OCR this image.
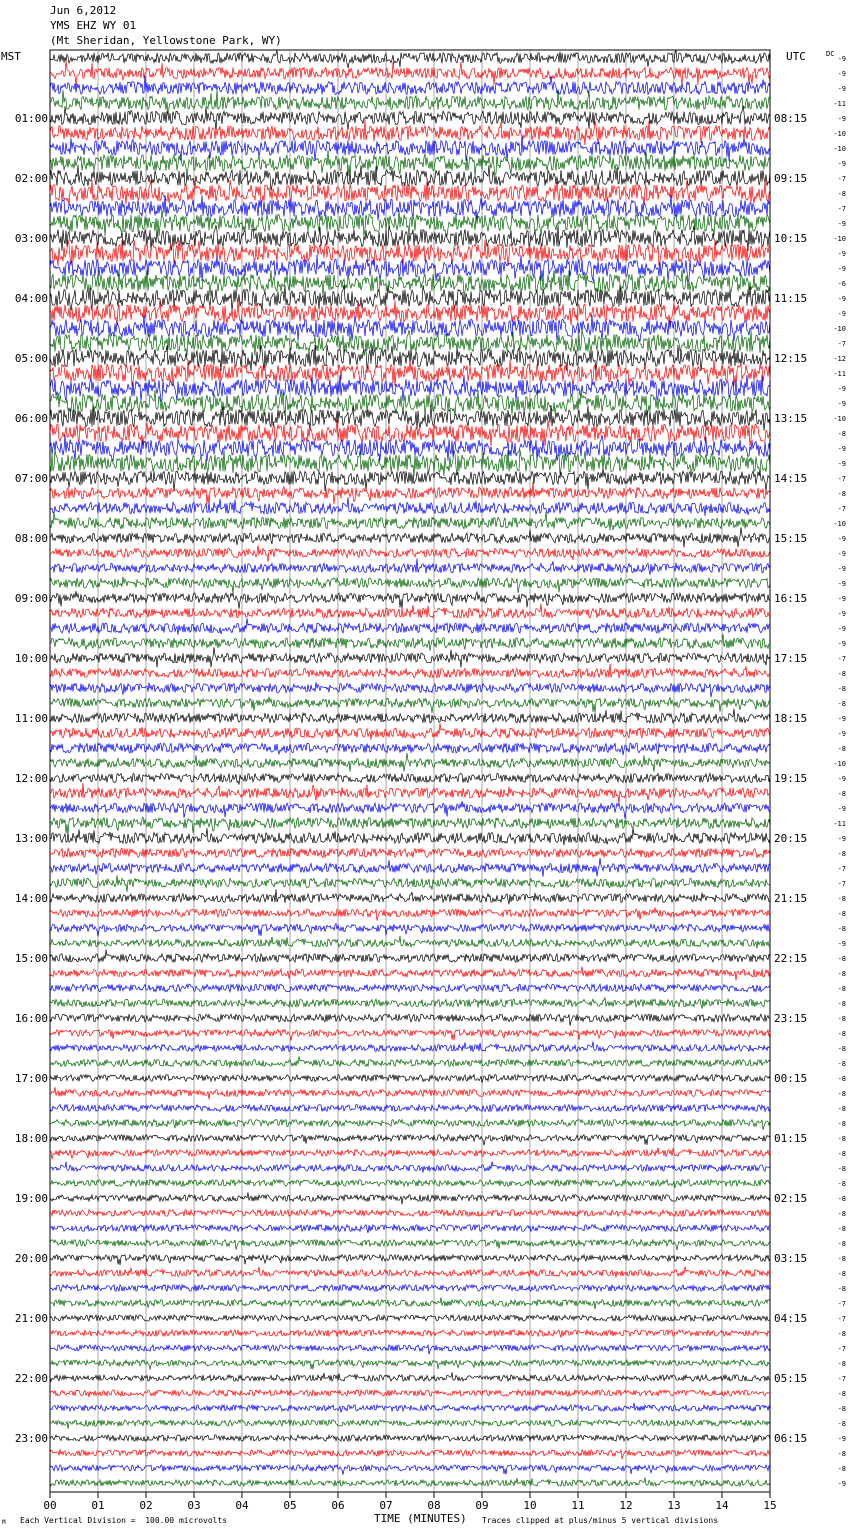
Jun 6,2012
YMS EHZ WY 01
(Mt Sheridan, Yellowstone Park, WY)
MST	UTC	DC
00	01	02	03	04	05	06	07	08	09	10	11	12	13	14	15
-9
-9
-9
-11
-9
-10
-10
-9
-7
-8
-7
-9
-10
-9
-9
-6
-9
-9
-10
-7
-12
-11
-9
-9
-10
-8
-9
-9
-7
-8
-7
-10
-9
-9
-9
-9
-9
-9
-9
-9
-7
-8
-8
-8
-9
-9
-8
-10
-9
-8
-9
-11
-9
-8
-7
-7
-8
-8
-8
-9
-8
-8
-8
-8
-8
-8
-8
-8
-8
-8
-8
-8
-8
-8
-8
-8
-8
-8
-8
-8
-8
-8
-8
-7
-7
-8
-7
-8
-7
-8
-8
-8
-9
-8
-8
-9
01:00
02:00
03:00
04:00
05:00
06:00
07:00
08:00
09:00
10:00
11:00
12:00
13:00
14:00
15:00
16:00
17:00
18:00
19:00
20:00
21:00
22:00
23:00
08:15
09:15
10:15
11:15
12:15
13:15
14:15
15:15
16:15
17:15
18:15
19:15
20:15
21:15
22:15
23:15
00:15
01:15
02:15
03:15
04:15
05:15
06:15
M Each Vertical Division =  100.00 microvolts	TIME (MINUTES) Traces clipped at plus/minus 5 vertical divisions
